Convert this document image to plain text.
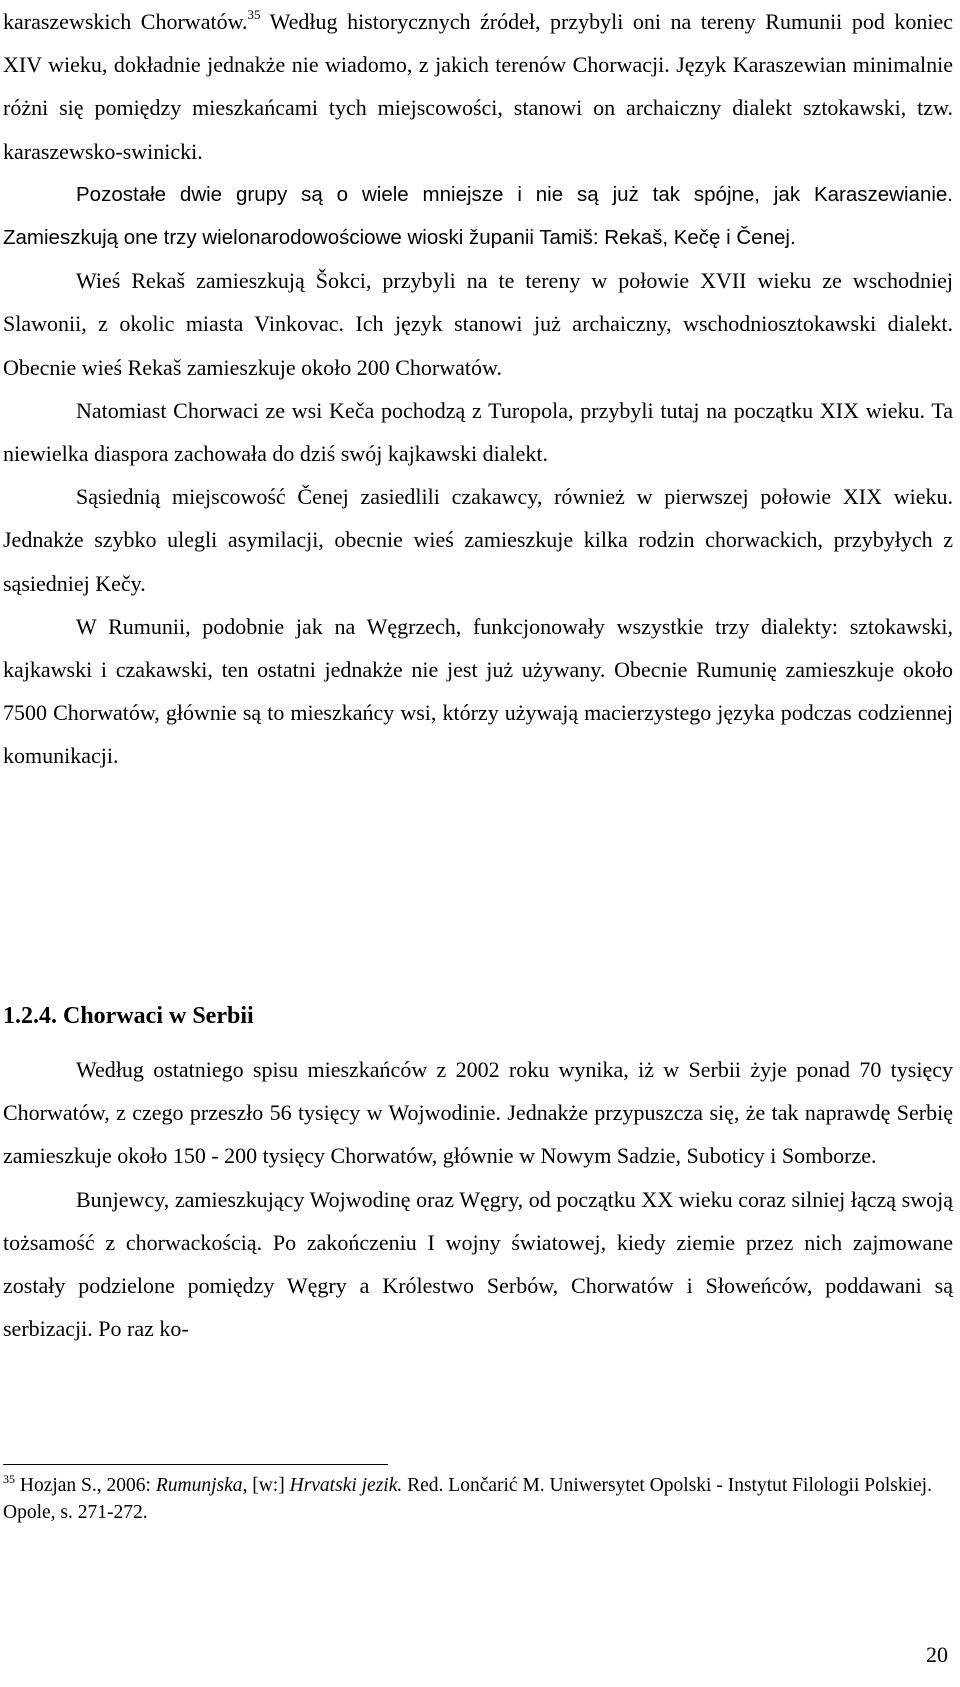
karaszewskich Chorwatów.$^{35}$ Według historycznych źródeł, przybyli oni na tereny Rumunii pod koniec XIV wieku, dokładnie jednakże nie wiadomo, z jakich terenów Chorwacji. Język Karaszewian minimalnie różni się pomiędzy mieszkańcami tych miejscowości, stanowi on archaiczny dialekt sztokawski, tzw. karaszewsko-swinicki.

Pozostałe dwie grupy są o wiele mniejsze i nie są już tak spójne, jak Karaszewianie. Zamieszkują one trzy wielonarodowościowe wioski županii Tamiš: Rekaš, Kečę i Čenej.

Wieś Rekaš zamieszkują Šokci, przybyli na te tereny w połowie XVII wieku ze wschodniej Slawonii, z okolic miasta Vinkovac. Ich język stanowi już archaiczny, wschodniosztokawski dialekt. Obecnie wieś Rekaš zamieszkuje około 200 Chorwatów.

Natomiast Chorwaci ze wsi Keča pochodzą z Turopola, przybyli tutaj na początku XIX wieku. Ta niewielka diaspora zachowała do dziś swój kajkawski dialekt.

Sąsiednią miejscowość Čenej zasiedlili czakawcy, również w pierwszej połowie XIX wieku. Jednakże szybko ulegli asymilacji, obecnie wieś zamieszkuje kilka rodzin chorwackich, przybyłych z sąsiedniej Kečy.

W Rumunii, podobnie jak na Węgrzech, funkcjonowały wszystkie trzy dialekty: sztokawski, kajkawski i czakawski, ten ostatni jednakże nie jest już używany. Obecnie Rumunię zamieszkuje około 7500 Chorwatów, głównie są to mieszkańcy wsi, którzy używają macierzystego języka podczas codziennej komunikacji.

1.2.4. Chorwaci w Serbii

Według ostatniego spisu mieszkańców z 2002 roku wynika, iż w Serbii żyje ponad 70 tysięcy Chorwatów, z czego przeszło 56 tysięcy w Wojwodinie. Jednakże przypuszcza się, że tak naprawdę Serbię zamieszkuje około 150 - 200 tysięcy Chorwatów, głównie w Nowym Sadzie, Suboticy i Somborze.

Bunjewcy, zamieszkujący Wojwodinę oraz Węgry, od początku XX wieku coraz silniej łączą swoją tożsamość z chorwackością. Po zakończeniu I wojny światowej, kiedy ziemie przez nich zajmowane zostały podzielone pomiędzy Węgry a Królestwo Serbów, Chorwatów i Słoweńców, poddawani są serbizacji. Po raz ko-

$^{35}$ Hozjan S., 2006: Rumunjska, [w:] Hrvatski jezik. Red. Lončarić M. Uniwersytet Opolski - Instytut Filologii Polskiej. Opole, s. 271-272.
20
